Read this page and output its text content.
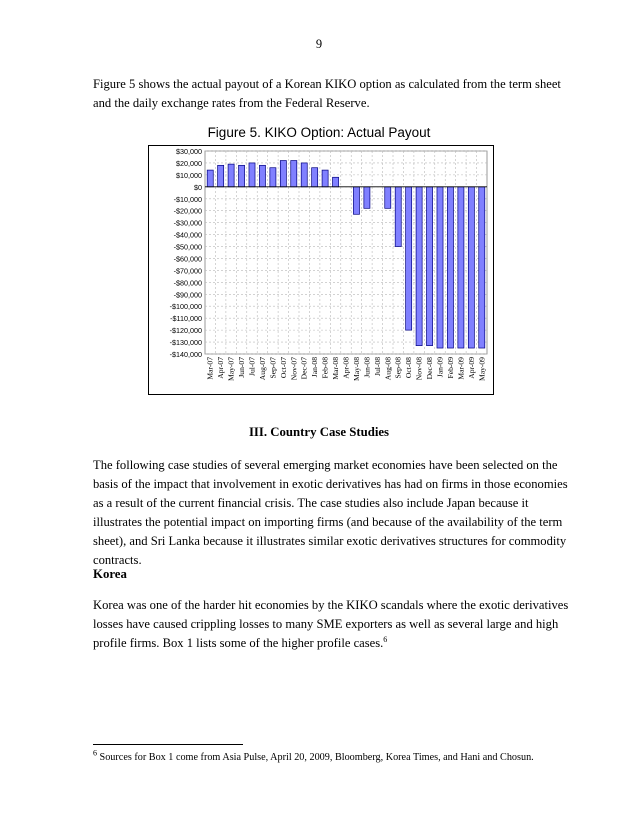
9

Figure 5 shows the actual payout of a Korean KIKO option as calculated from the term sheet and the daily exchange rates from the Federal Reserve.

Figure 5. KIKO Option: Actual Payout
$30,000
$20,000
$10,000
$0
-$10,000
-$20,000
-$30,000
-$40,000
-$50,000
-$60,000
-$70,000
-$80,000
-$90,000
-$100,000
-$110,000
-$120,000
-$130,000
-$140,000
Mar-07 Apr-07 May-07 Jun-07 Jul-07 Aug-07 Sep-07 Oct-07 Nov-07 Dec-07 Jan-08 Feb-08 Mar-08 Apr-08 May-08 Jun-08 Jul-08 Aug-08 Sep-08 Oct-08 Nov-08 Dec-08 Jan-09 Feb-09 Mar-09 Apr-09 May-09
III. Country Case Studies

The following case studies of several emerging market economies have been selected on the basis of the impact that involvement in exotic derivatives has had on firms in those economies as a result of the current financial crisis. The case studies also include Japan because it illustrates the potential impact on importing firms (and because of the availability of the term sheet), and Sri Lanka because it illustrates similar exotic derivatives structures for commodity contracts.

Korea

Korea was one of the harder hit economies by the KIKO scandals where the exotic derivatives losses have caused crippling losses to many SME exporters as well as several large and high profile firms. Box 1 lists some of the higher profile cases.$^6$

$^6$ Sources for Box 1 come from Asia Pulse, April 20, 2009, Bloomberg, Korea Times, and Hani and Chosun.
